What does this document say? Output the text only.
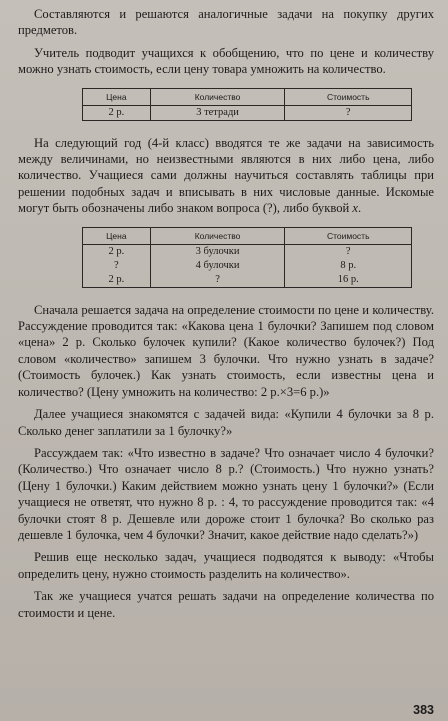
Составляются и решаются аналогичные задачи на покупку других предметов.

Учитель подводит учащихся к обобщению, что по цене и количеству можно узнать стоимость, если цену товара умножить на количество.

Цена	Количество	Стоимость
2 р.	3 тетради	?

На следующий год (4-й класс) вводятся те же задачи на зависимость между величинами, но неизвестными являются в них либо цена, либо количество. Учащиеся сами должны научиться составлять таблицы при решении подобных задач и вписывать в них числовые данные. Искомые могут быть обозначены либо знаком вопроса (?), либо буквой x.

Цена	Количество	Стоимость
2 р.	3 булочки	?
?	4 булочки	8 р.
2 р.	?	16 р.

Сначала решается задача на определение стоимости по цене и количеству. Рассуждение проводится так: «Какова цена 1 булочки? Запишем под словом «цена» 2 р. Сколько булочек купили? (Какое количество булочек?) Под словом «количество» запишем 3 булочки. Что нужно узнать в задаче? (Стоимость булочек.) Как узнать стоимость, если известны цена и количество? (Цену умножить на количество: 2 р.×3=6 р.)»

Далее учащиеся знакомятся с задачей вида: «Купили 4 булочки за 8 р. Сколько денег заплатили за 1 булочку?»

Рассуждаем так: «Что известно в задаче? Что означает число 4 булочки? (Количество.) Что означает число 8 р.? (Стоимость.) Что нужно узнать? (Цену 1 булочки.) Каким действием можно узнать цену 1 булочки?» (Если учащиеся не ответят, что нужно 8 р. : 4, то рассуждение проводится так: «4 булочки стоят 8 р. Дешевле или дороже стоит 1 булочка? Во сколько раз дешевле 1 булочка, чем 4 булочки? Значит, какое действие надо сделать?»)

Решив еще несколько задач, учащиеся подводятся к выводу: «Чтобы определить цену, нужно стоимость разделить на количество».

Так же учащиеся учатся решать задачи на определение количества по стоимости и цене.

383
